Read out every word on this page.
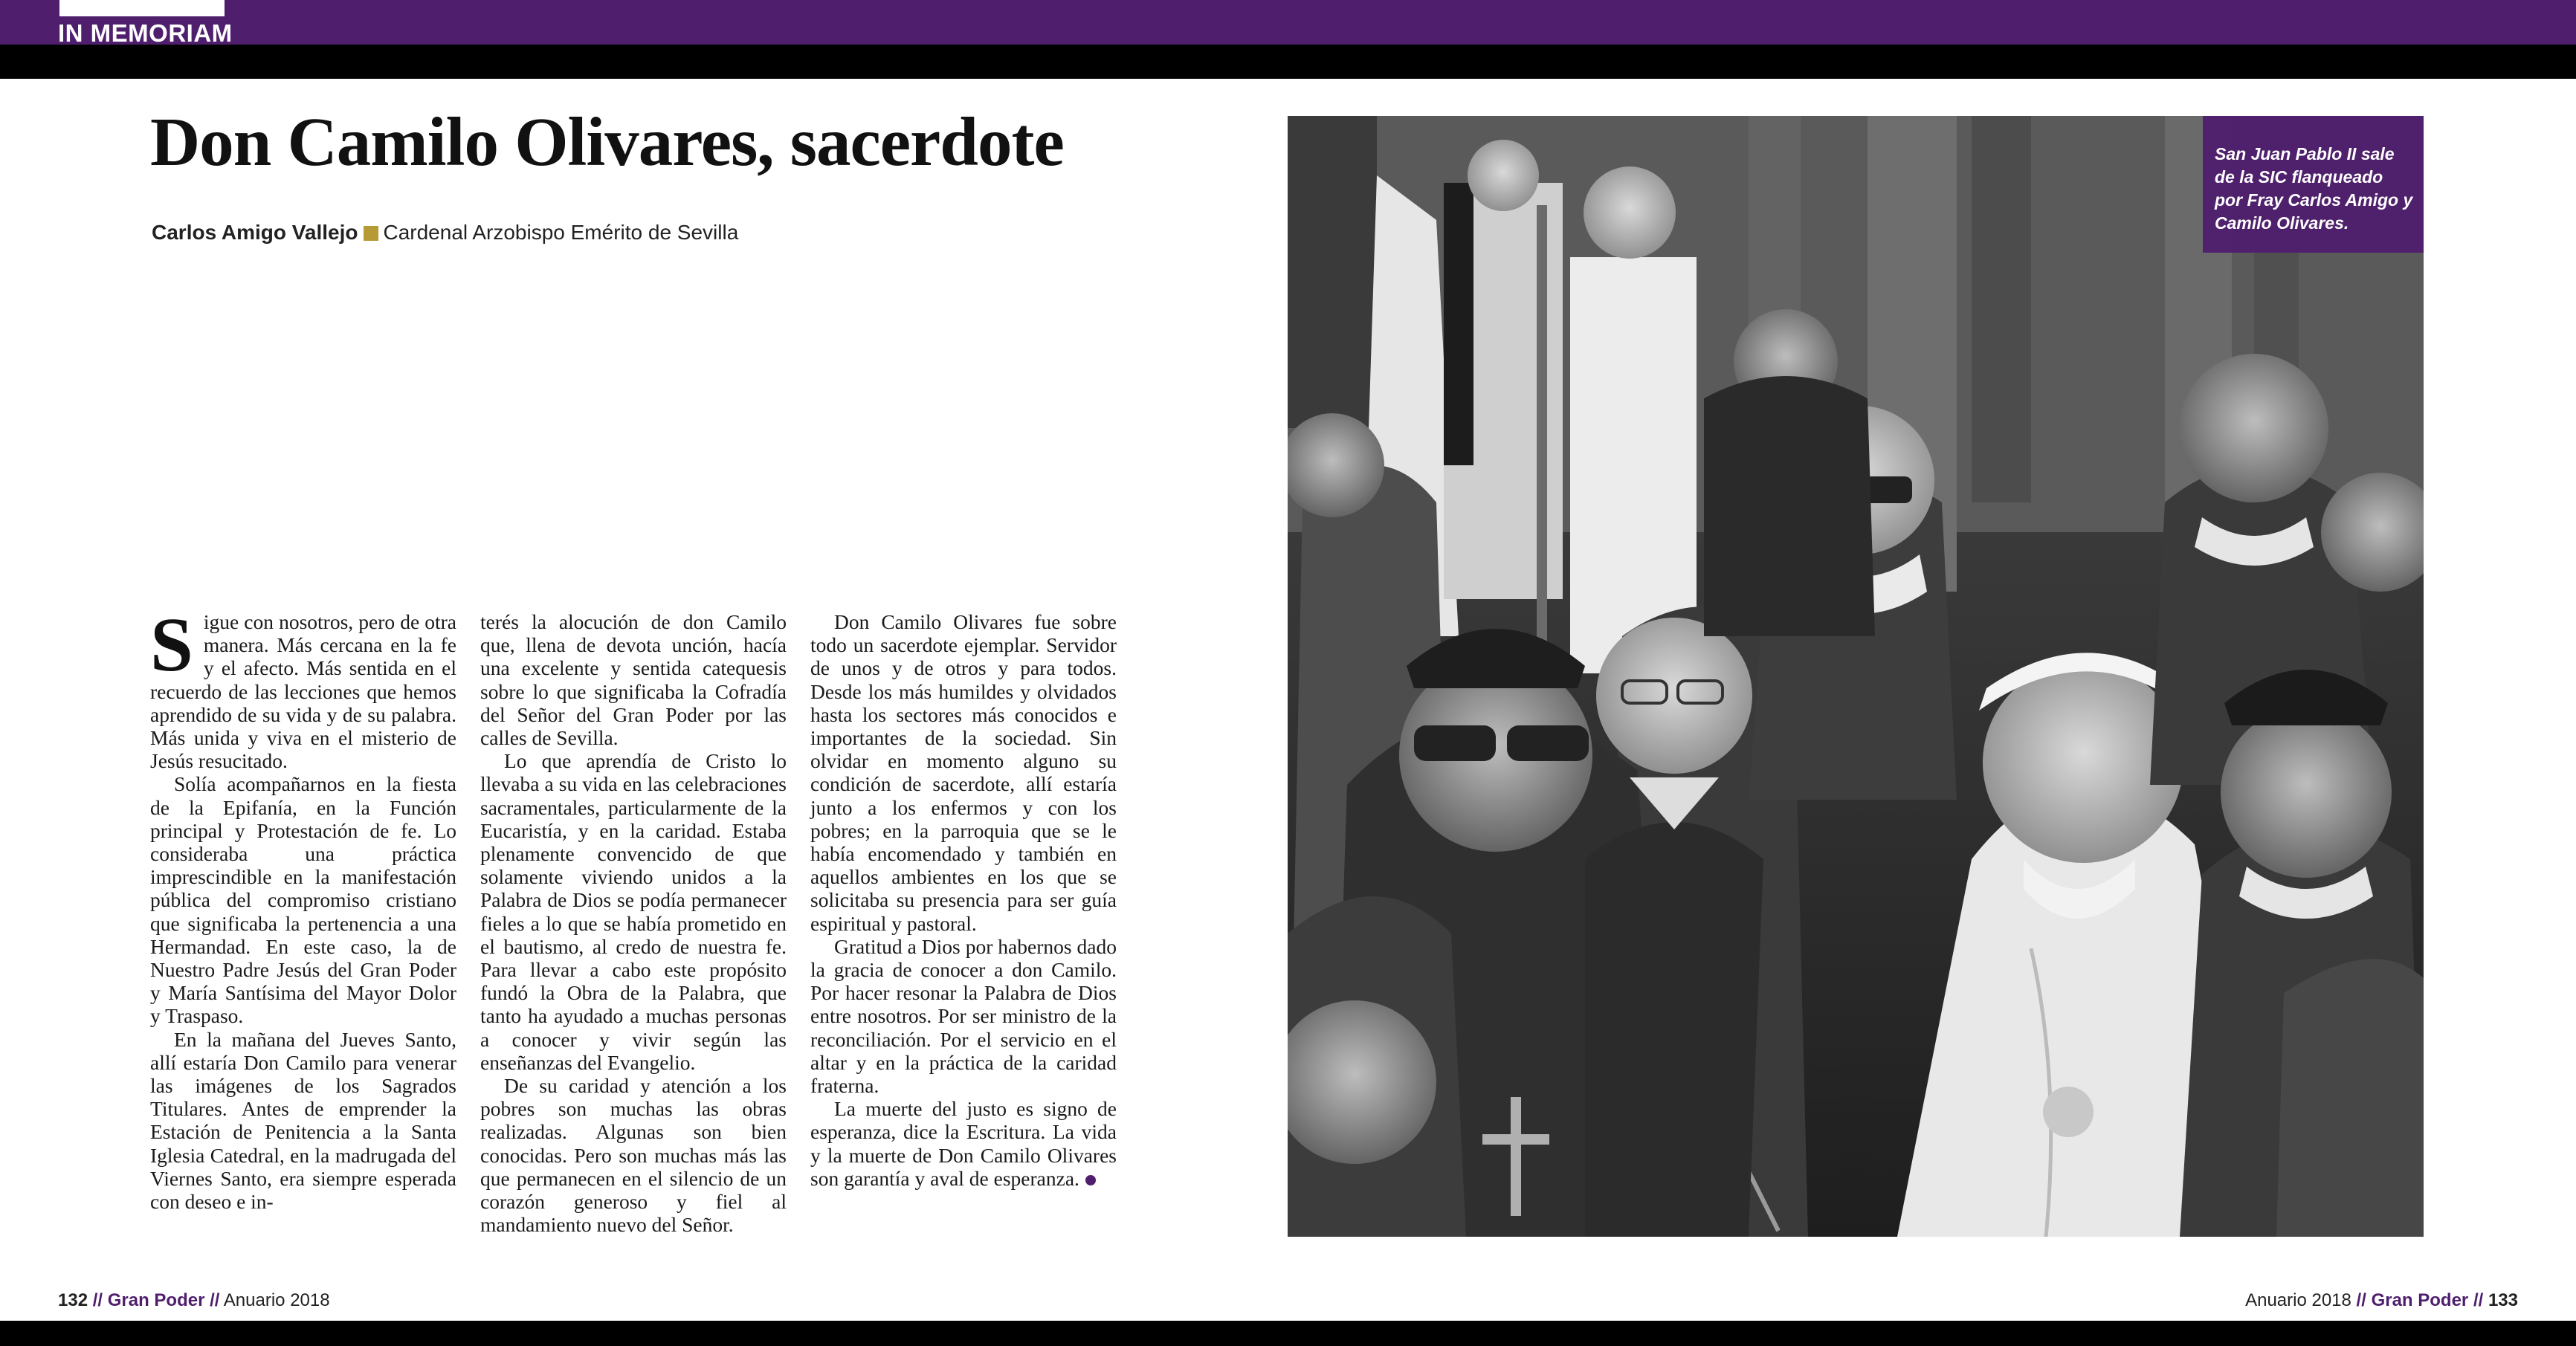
IN MEMORIAM
Don Camilo Olivares, sacerdote
Carlos Amigo Vallejo Cardenal Arzobispo Emérito de Sevilla

Sigue con nosotros, pero de otra manera. Más cercana en la fe y el afecto. Más sentida en el recuerdo de las lecciones que hemos aprendido de su vida y de su palabra. Más unida y viva en el misterio de Jesús resucitado.

Solía acompañarnos en la fiesta de la Epifanía, en la Función principal y Protestación de fe. Lo consideraba una práctica imprescindible en la manifestación pública del compromiso cristiano que significaba la pertenencia a una Hermandad. En este caso, la de Nuestro Padre Jesús del Gran Poder y María Santísima del Mayor Dolor y Traspaso.

En la mañana del Jueves Santo, allí estaría Don Camilo para venerar las imágenes de los Sagrados Titulares. Antes de emprender la Estación de Penitencia a la Santa Iglesia Catedral, en la madrugada del Viernes Santo, era siempre esperada con deseo e in-

terés la alocución de don Camilo que, llena de devota unción, hacía una excelente y sentida catequesis sobre lo que significaba la Cofradía del Señor del Gran Poder por las calles de Sevilla.

Lo que aprendía de Cristo lo llevaba a su vida en las celebraciones sacramentales, particularmente de la Eucaristía, y en la caridad. Estaba plenamente convencido de que solamente viviendo unidos a la Palabra de Dios se podía permanecer fieles a lo que se había prometido en el bautismo, al credo de nuestra fe. Para llevar a cabo este propósito fundó la Obra de la Palabra, que tanto ha ayudado a muchas personas a conocer y vivir según las enseñanzas del Evangelio.

De su caridad y atención a los pobres son muchas las obras realizadas. Algunas son bien conocidas. Pero son muchas más las que permanecen en el silencio de un corazón generoso y fiel al mandamiento nuevo del Señor.

Don Camilo Olivares fue sobre todo un sacerdote ejemplar. Servidor de unos y de otros y para todos. Desde los más humildes y olvidados hasta los sectores más conocidos e importantes de la sociedad. Sin olvidar en momento alguno su condición de sacerdote, allí estaría junto a los enfermos y con los pobres; en la parroquia que se le había encomendado y también en aquellos ambientes en los que se solicitaba su presencia para ser guía espiritual y pastoral.

Gratitud a Dios por habernos dado la gracia de conocer a don Camilo. Por hacer resonar la Palabra de Dios entre nosotros. Por ser ministro de la reconciliación. Por el servicio en el altar y en la práctica de la caridad fraterna.

La muerte del justo es signo de esperanza, dice la Escritura. La vida y la muerte de Don Camilo Olivares son garantía y aval de esperanza.

San Juan Pablo II sale de la SIC flanqueado por Fray Carlos Amigo y Camilo Olivares.
132 // Gran Poder // Anuario 2018	Anuario 2018 // Gran Poder // 133
